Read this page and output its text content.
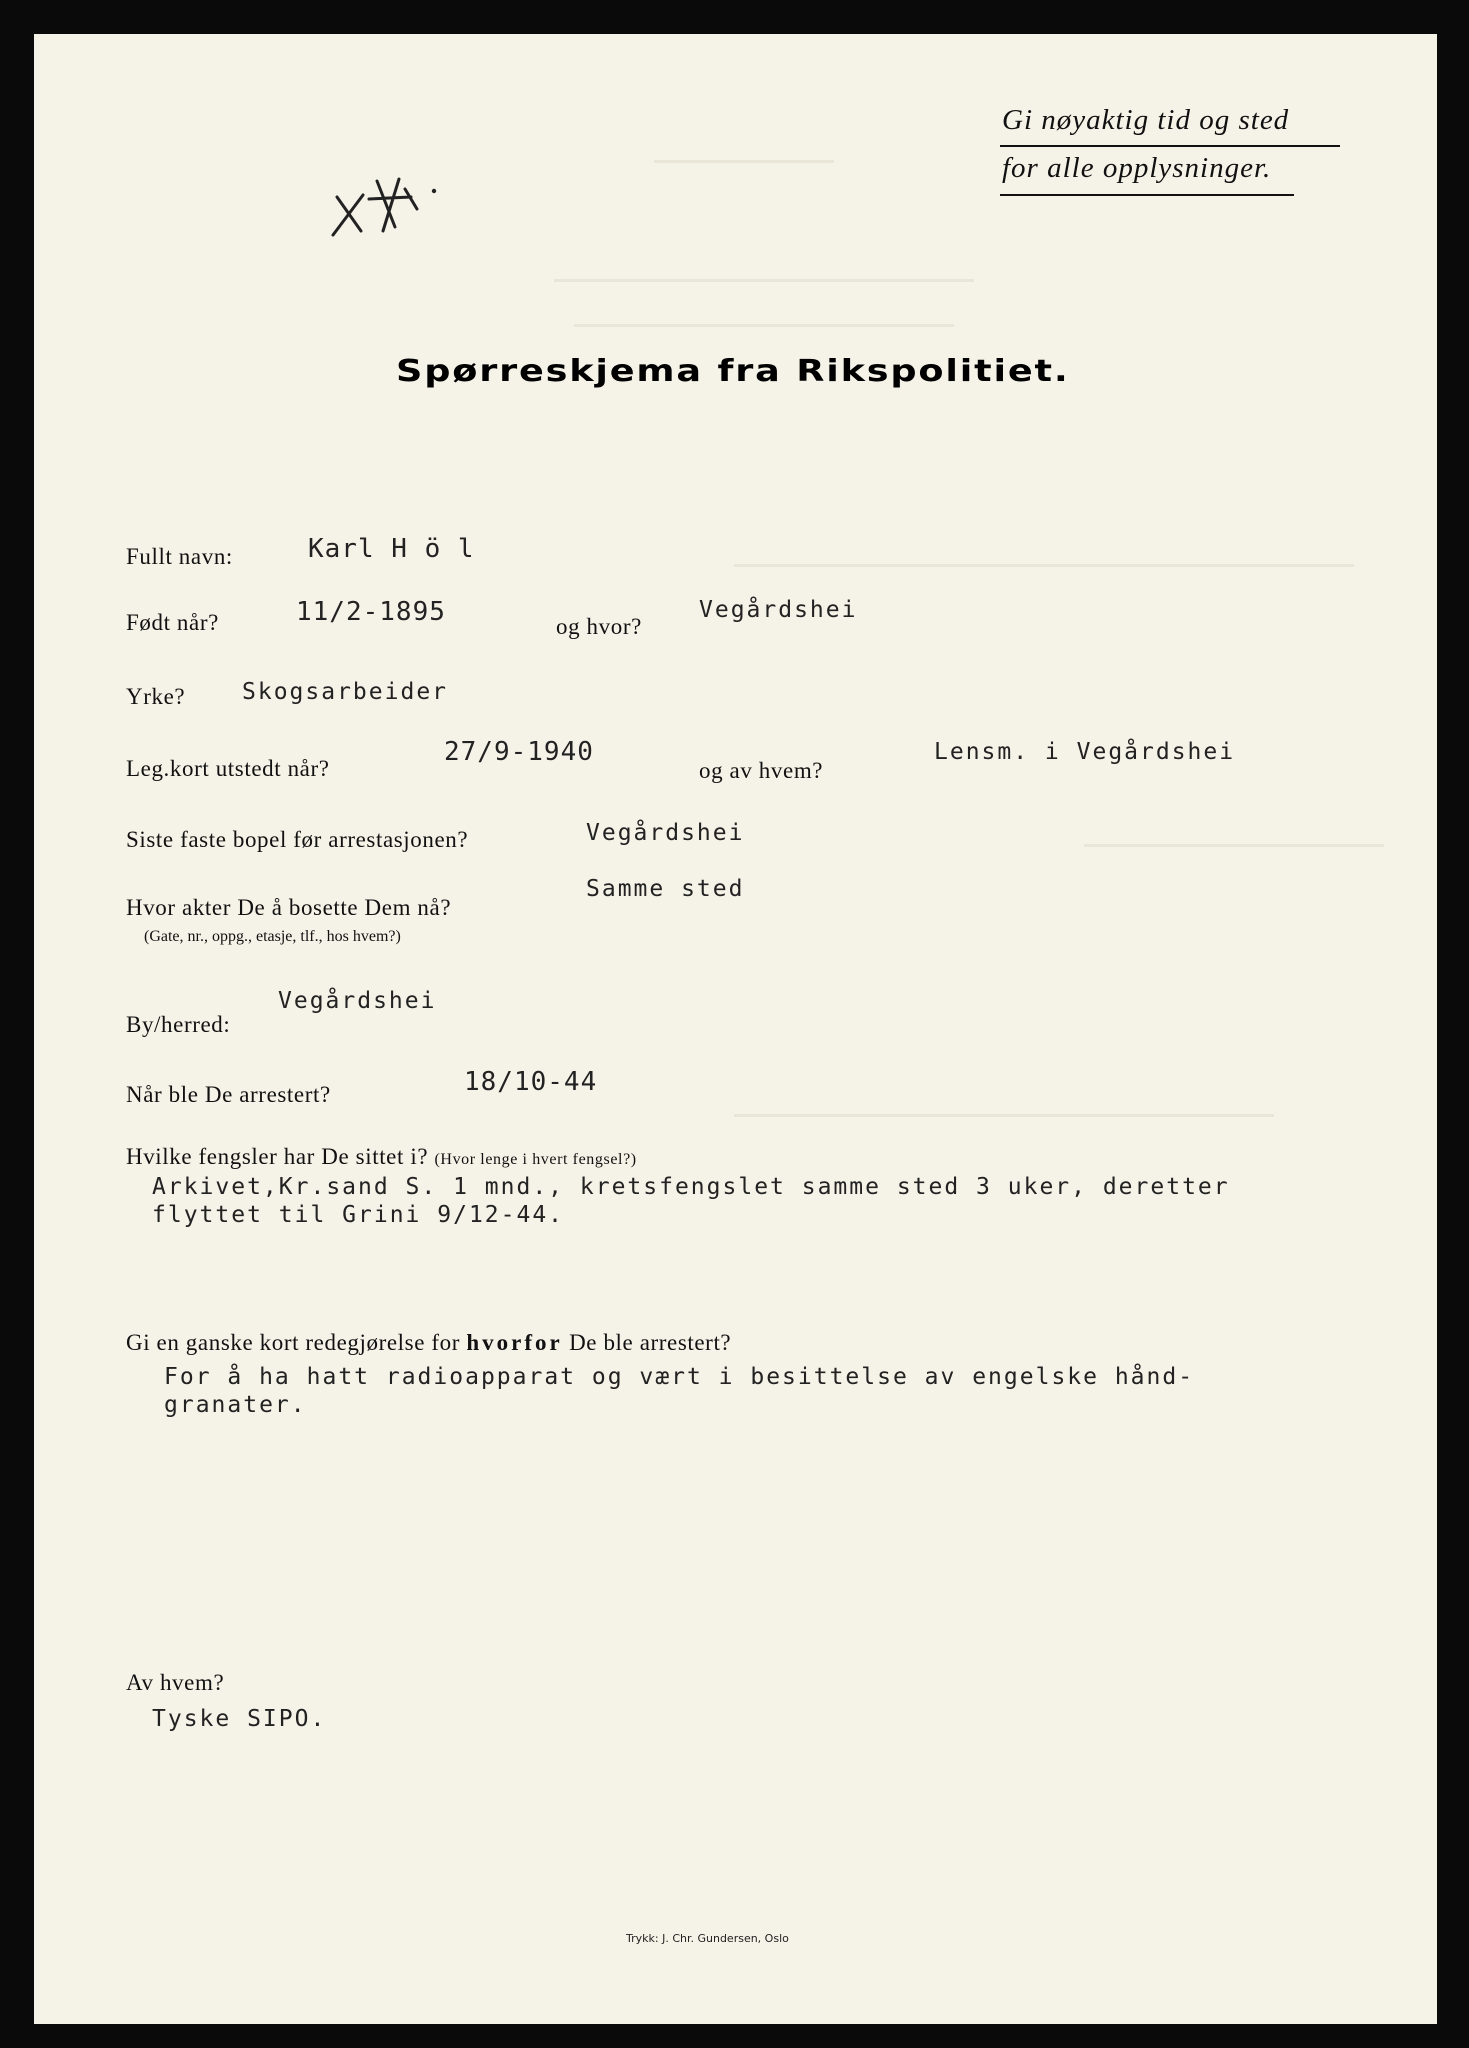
Gi nøyaktig tid og sted
for alle opplysninger.
Spørreskjema fra Rikspolitiet.
Fullt navn:	Karl H ö l
Født når?	11/2-1895	og hvor?
Vegårdshei
Yrke? Skogsarbeider
Leg.kort utstedt når?
27/9-1940
og av hvem?
Lensm. i Vegårdshei
Siste faste bopel før arrestasjonen?	Vegårdshei
Hvor akter De å bosette Dem nå?
(Gate, nr., oppg., etasje, tlf., hos hvem?)
Samme sted
By/herred:
Vegårdshei
Når ble De arrestert?	18/10-44
Hvilke fengsler har De sittet i? (Hvor lenge i hvert fengsel?)
Arkivet,Kr.sand S. 1 mnd., kretsfengslet samme sted 3 uker, deretter
flyttet til Grini 9/12-44.
Gi en ganske kort redegjørelse for hvorfor De ble arrestert?
For å ha hatt radioapparat og vært i besittelse av engelske hånd-
granater.
Av hvem?
Tyske SIPO.
Trykk: J. Chr. Gundersen, Oslo
